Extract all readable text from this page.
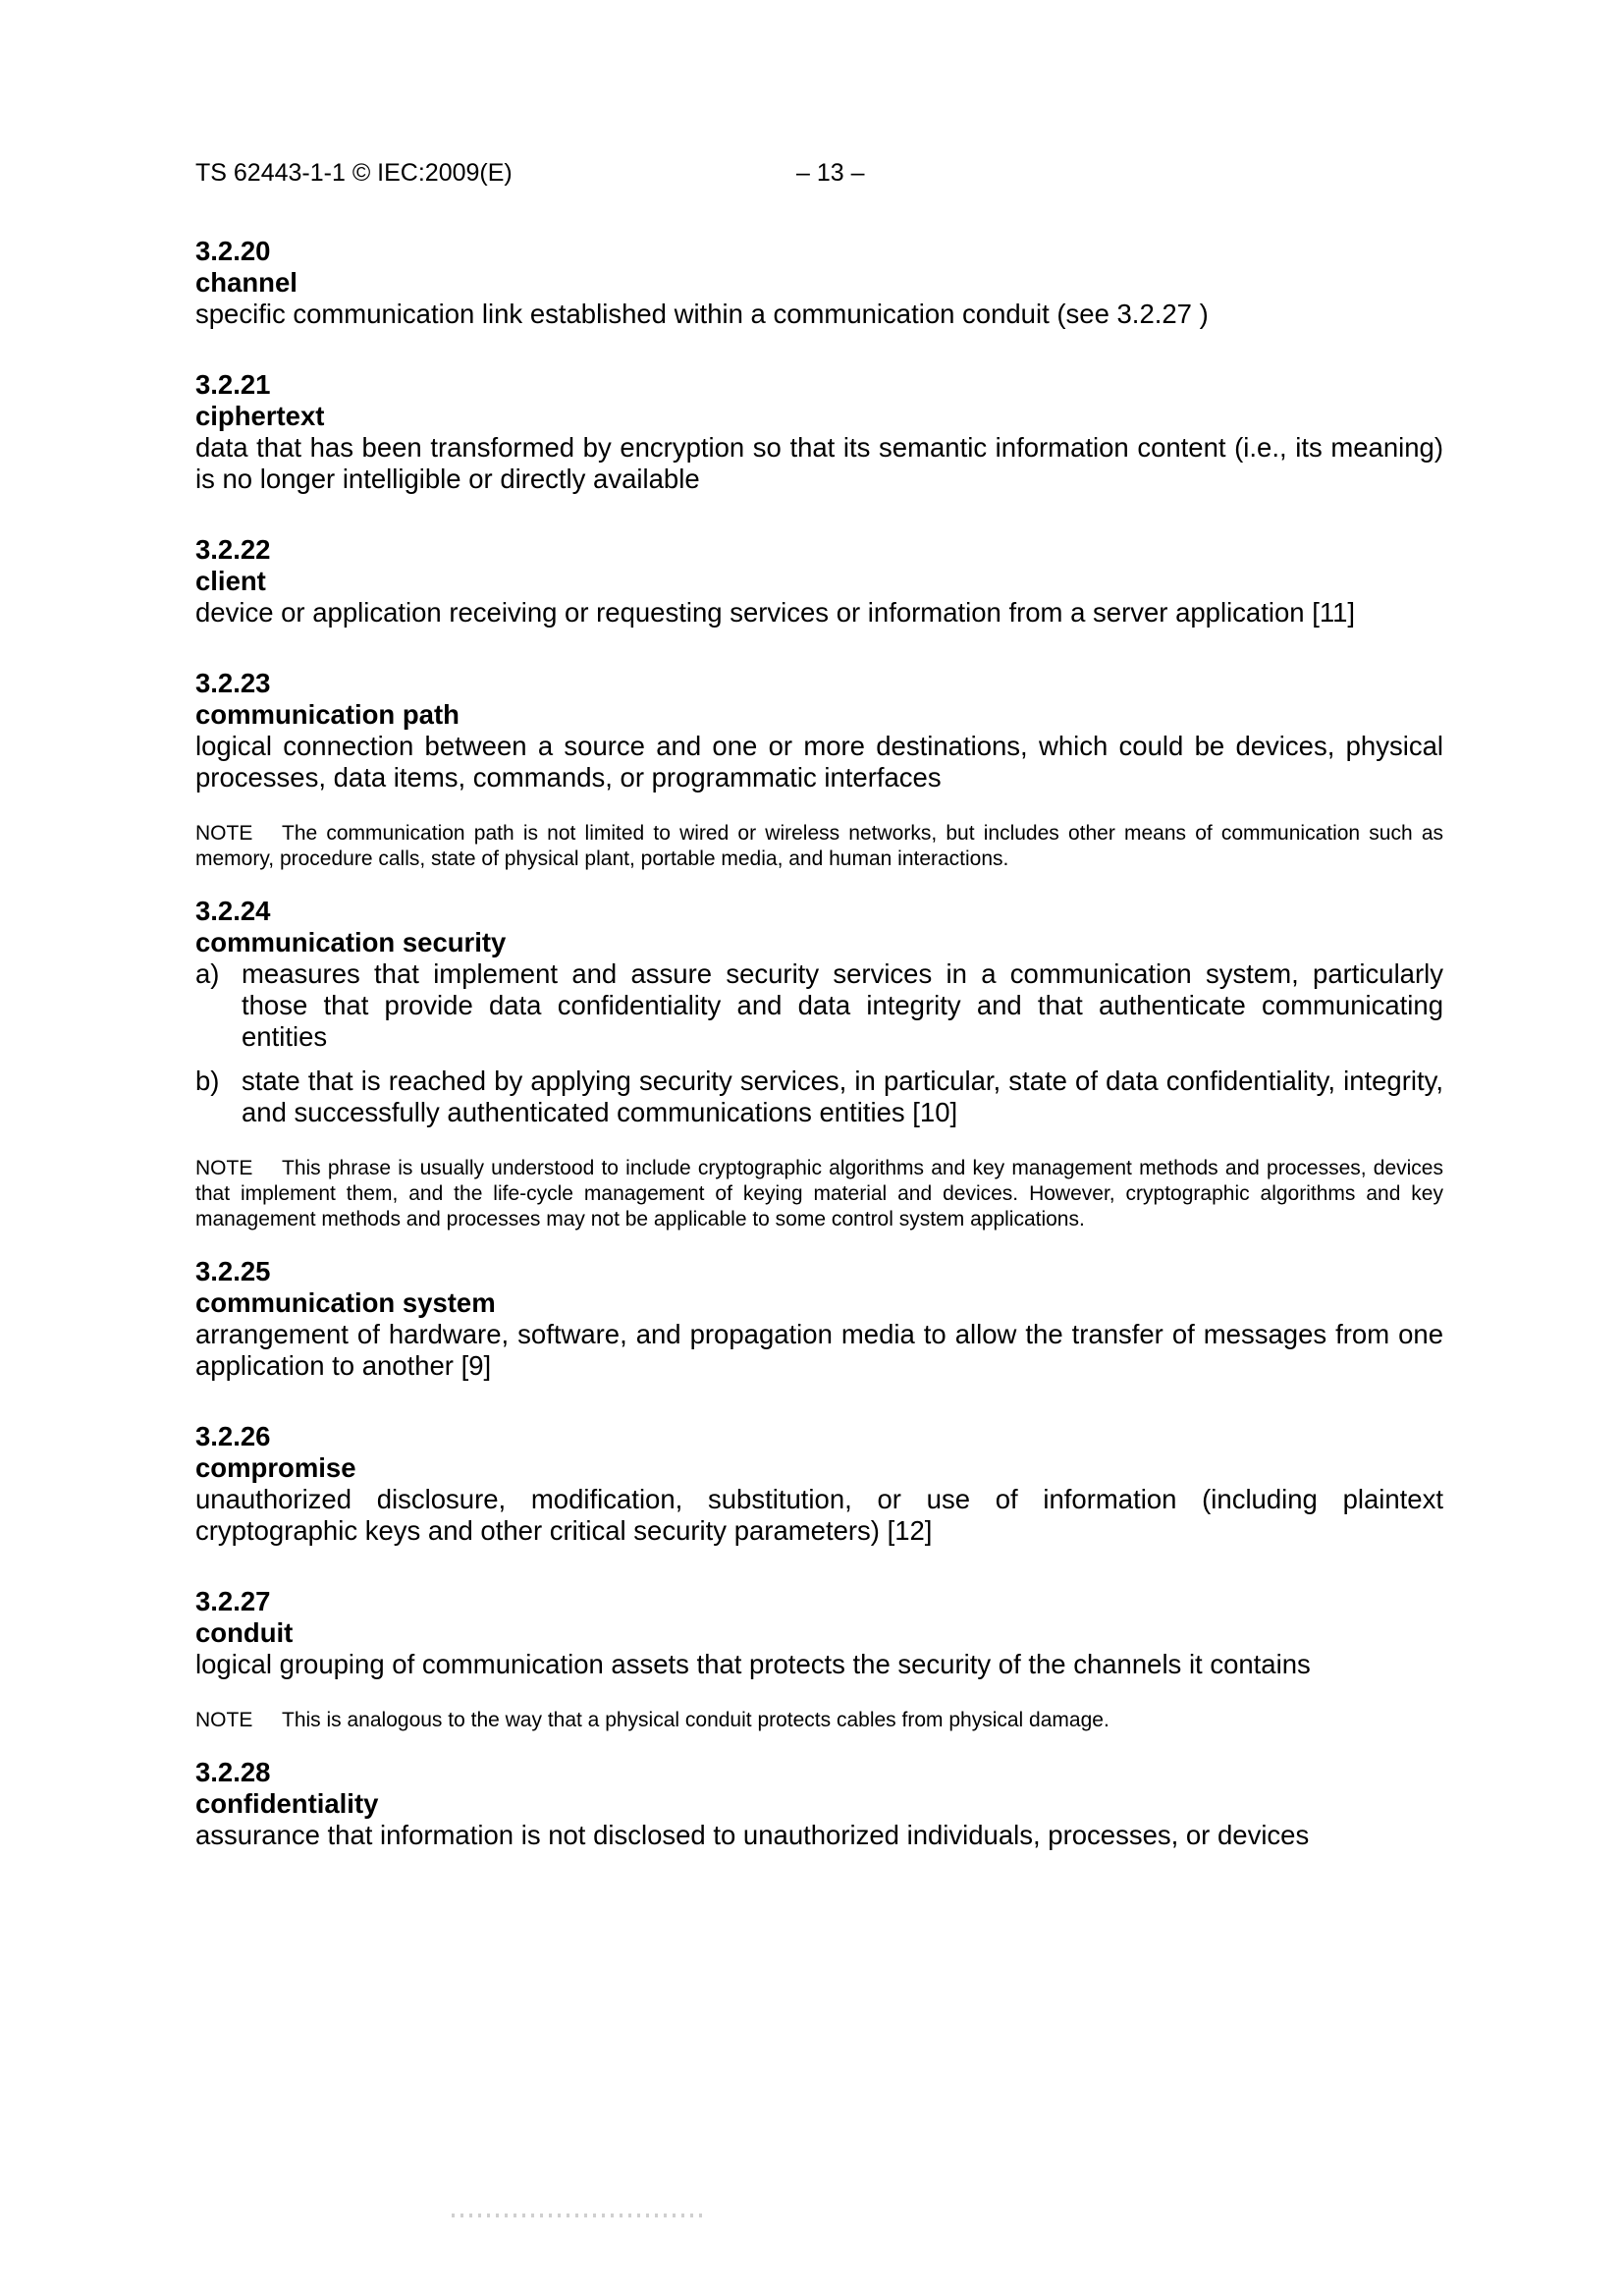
TS 62443-1-1 © IEC:2009(E)	– 13 –
3.2.20
channel
specific communication link established within a communication conduit (see 3.2.27 )
3.2.21
ciphertext
data that has been transformed by encryption so that its semantic information content (i.e., its meaning) is no longer intelligible or directly available
3.2.22
client
device or application receiving or requesting services or information from a server application [11]
3.2.23
communication path
logical connection between a source and one or more destinations, which could be devices, physical processes, data items, commands, or programmatic interfaces
NOTE The communication path is not limited to wired or wireless networks, but includes other means of communication such as memory, procedure calls, state of physical plant, portable media, and human interactions.
3.2.24
communication security
a) measures that implement and assure security services in a communication system, particularly those that provide data confidentiality and data integrity and that authenticate communicating entities
b) state that is reached by applying security services, in particular, state of data confidentiality, integrity, and successfully authenticated communications entities [10]
NOTE This phrase is usually understood to include cryptographic algorithms and key management methods and processes, devices that implement them, and the life-cycle management of keying material and devices. However, cryptographic algorithms and key management methods and processes may not be applicable to some control system applications.
3.2.25
communication system
arrangement of hardware, software, and propagation media to allow the transfer of messages from one application to another [9]
3.2.26
compromise
unauthorized disclosure, modification, substitution, or use of information (including plaintext cryptographic keys and other critical security parameters) [12]
3.2.27
conduit
logical grouping of communication assets that protects the security of the channels it contains
NOTE This is analogous to the way that a physical conduit protects cables from physical damage.
3.2.28
confidentiality
assurance that information is not disclosed to unauthorized individuals, processes, or devices
